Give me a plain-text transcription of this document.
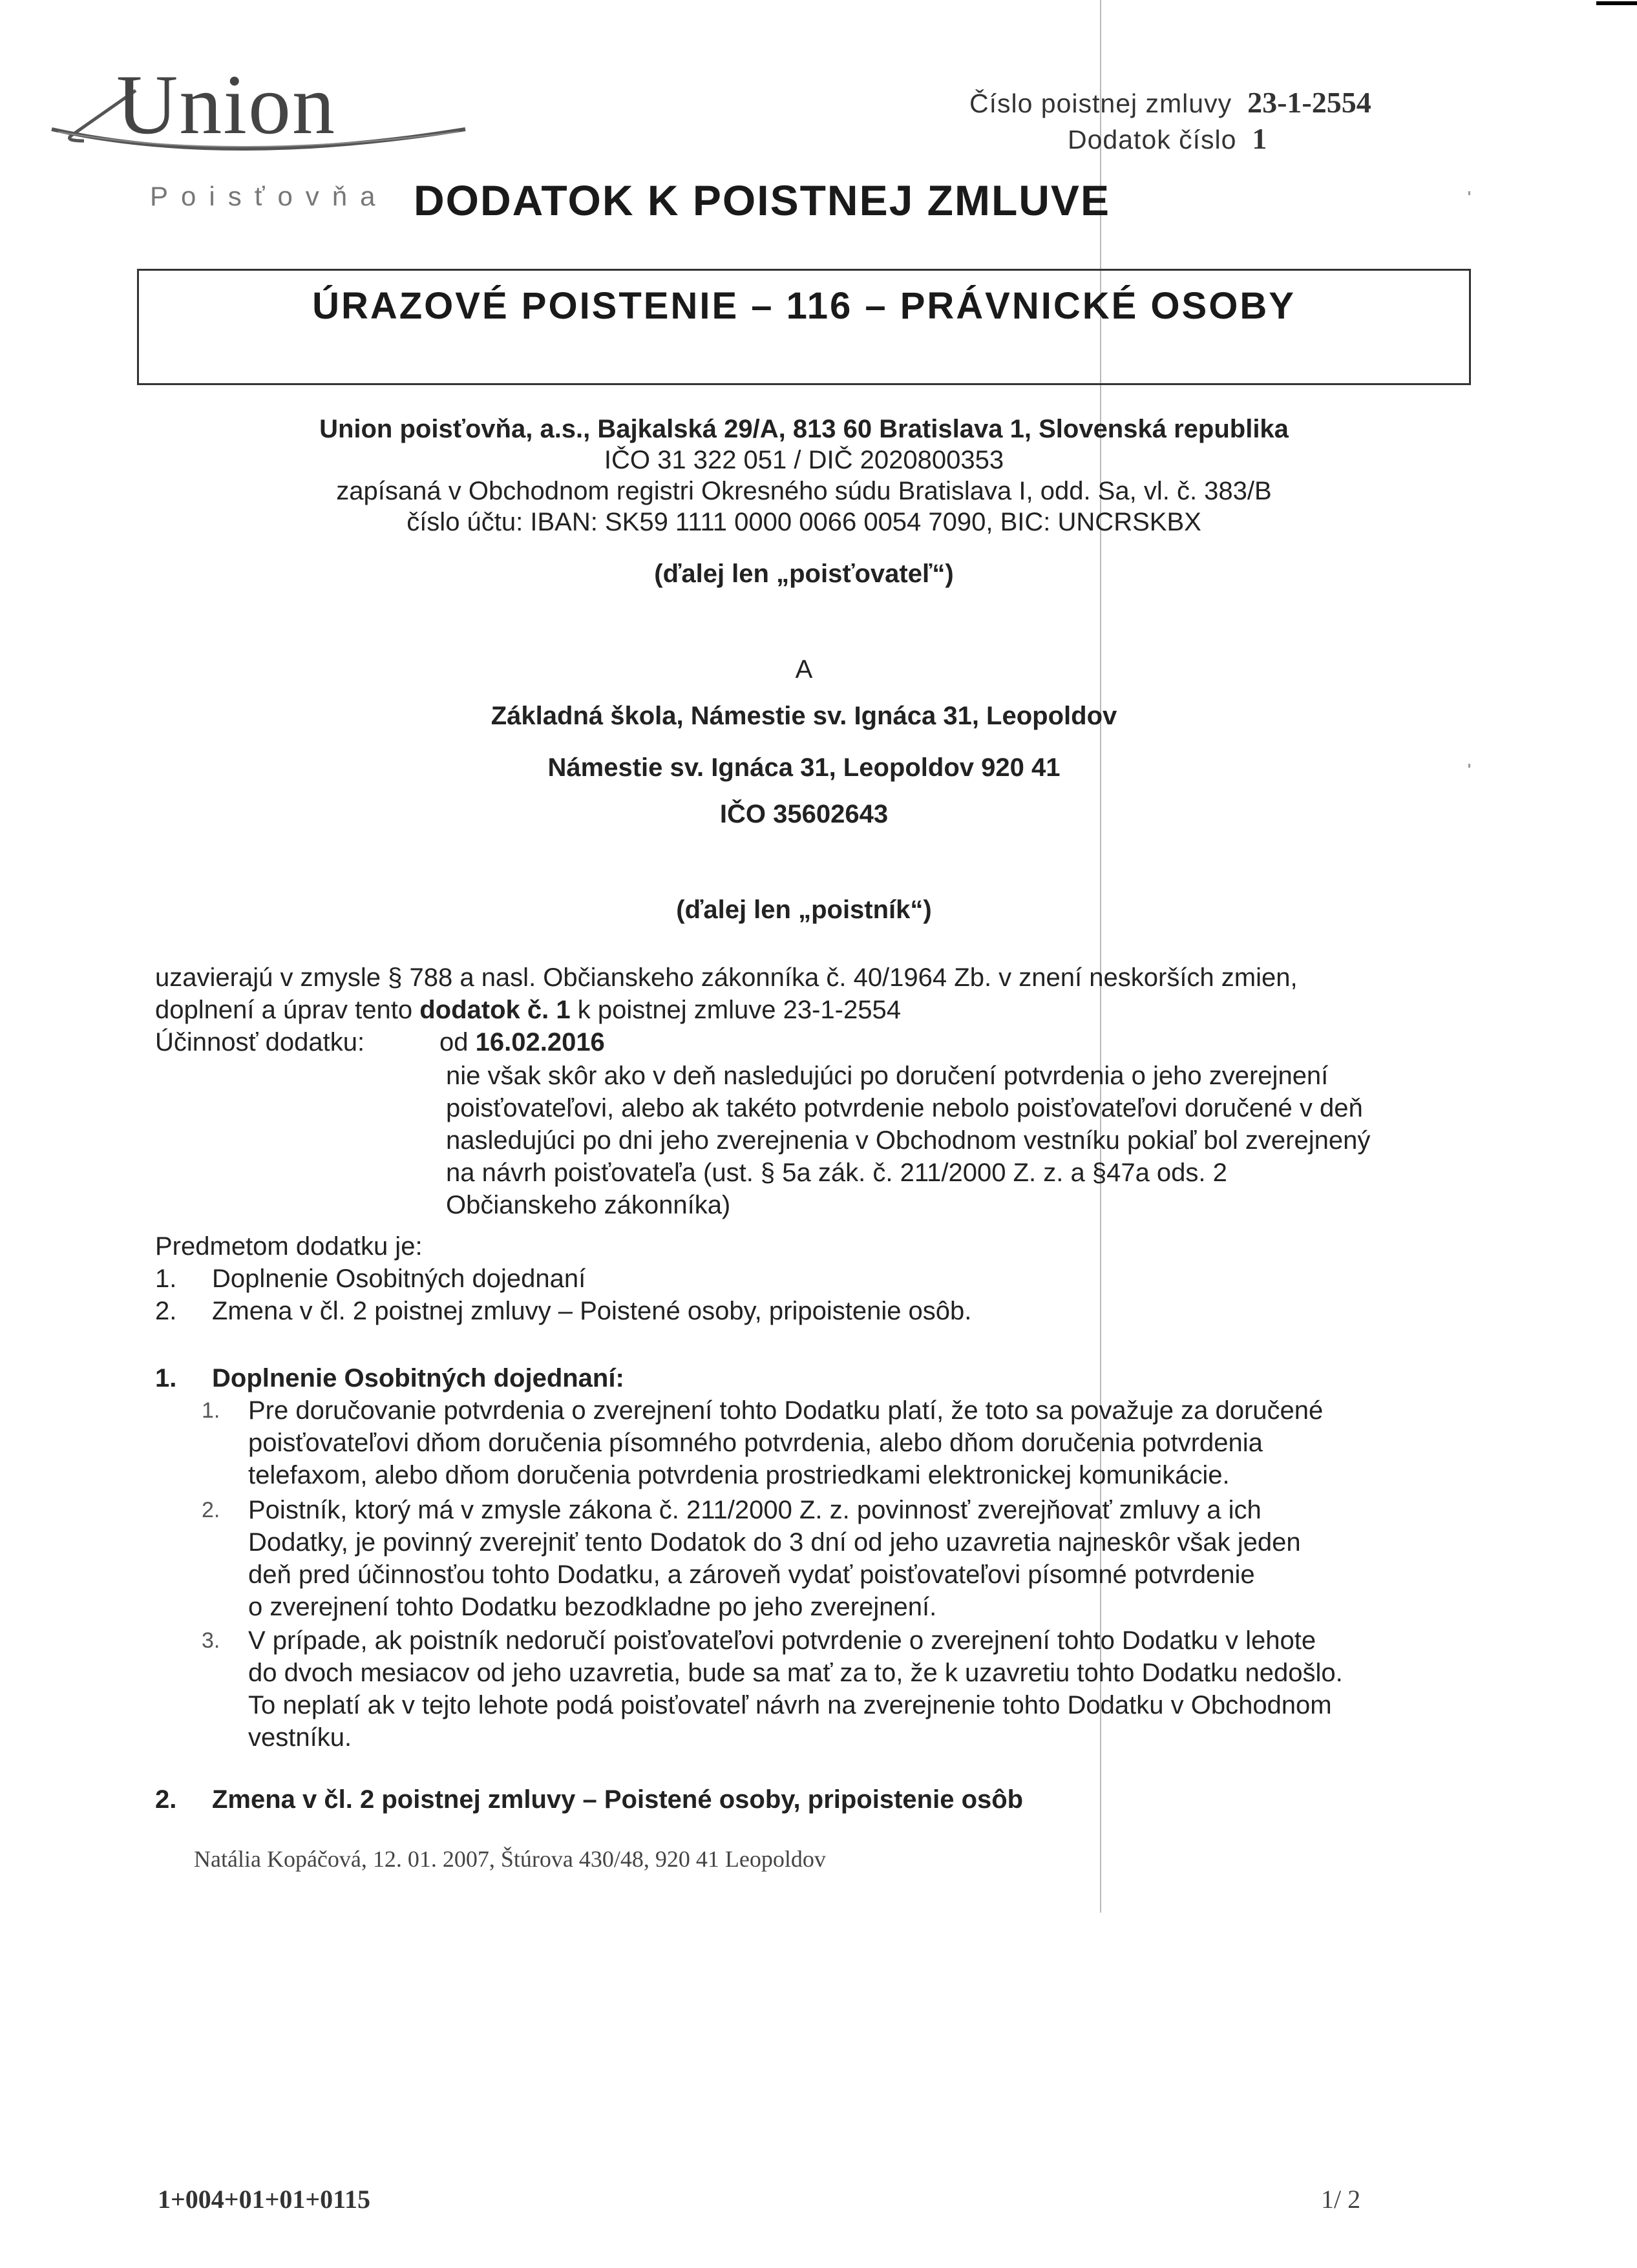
Union
Poisťovňa
Číslo poistnej zmluvy 23-1-2554
Dodatok číslo 1
DODATOK K POISTNEJ ZMLUVE
ÚRAZOVÉ POISTENIE – 116 – PRÁVNICKÉ OSOBY
Union poisťovňa, a.s., Bajkalská 29/A, 813 60 Bratislava 1, Slovenská republika
IČO 31 322 051 / DIČ 2020800353
zapísaná v Obchodnom registri Okresného súdu Bratislava I, odd. Sa, vl. č. 383/B
číslo účtu: IBAN: SK59 1111 0000 0066 0054 7090, BIC: UNCRSKBX
(ďalej len „poisťovateľ“)
A
Základná škola, Námestie sv. Ignáca 31, Leopoldov
Námestie sv. Ignáca 31, Leopoldov 920 41
IČO 35602643
(ďalej len „poistník“)
uzavierajú v zmysle § 788 a nasl. Občianskeho zákonníka č. 40/1964 Zb. v znení neskorších zmien,
doplnení a úprav tento dodatok č. 1 k poistnej zmluve 23-1-2554
Účinnosť dodatku:	od 16.02.2016
nie však skôr ako v deň nasledujúci po doručení potvrdenia o jeho zverejnení
poisťovateľovi, alebo ak takéto potvrdenie nebolo poisťovateľovi doručené v deň
nasledujúci po dni jeho zverejnenia v Obchodnom vestníku pokiaľ bol zverejnený
na návrh poisťovateľa (ust. § 5a zák. č. 211/2000 Z. z. a §47a ods. 2
Občianskeho zákonníka)
Predmetom dodatku je:
1. Doplnenie Osobitných dojednaní
2. Zmena v čl. 2 poistnej zmluvy – Poistené osoby, pripoistenie osôb.
1. Doplnenie Osobitných dojednaní:
1. Pre doručovanie potvrdenia o zverejnení tohto Dodatku platí, že toto sa považuje za doručené
poisťovateľovi dňom doručenia písomného potvrdenia, alebo dňom doručenia potvrdenia
telefaxom, alebo dňom doručenia potvrdenia prostriedkami elektronickej komunikácie.
2. Poistník, ktorý má v zmysle zákona č. 211/2000 Z. z. povinnosť zverejňovať zmluvy a ich
Dodatky, je povinný zverejniť tento Dodatok do 3 dní od jeho uzavretia najneskôr však jeden
deň pred účinnosťou tohto Dodatku, a zároveň vydať poisťovateľovi písomné potvrdenie
o zverejnení tohto Dodatku bezodkladne po jeho zverejnení.
3. V prípade, ak poistník nedoručí poisťovateľovi potvrdenie o zverejnení tohto Dodatku v lehote
do dvoch mesiacov od jeho uzavretia, bude sa mať za to, že k uzavretiu tohto Dodatku nedošlo.
To neplatí ak v tejto lehote podá poisťovateľ návrh na zverejnenie tohto Dodatku v Obchodnom
vestníku.
2. Zmena v čl. 2 poistnej zmluvy – Poistené osoby, pripoistenie osôb
Natália Kopáčová, 12. 01. 2007, Štúrova 430/48, 920 41 Leopoldov
1+004+01+01+0115	1/ 2
